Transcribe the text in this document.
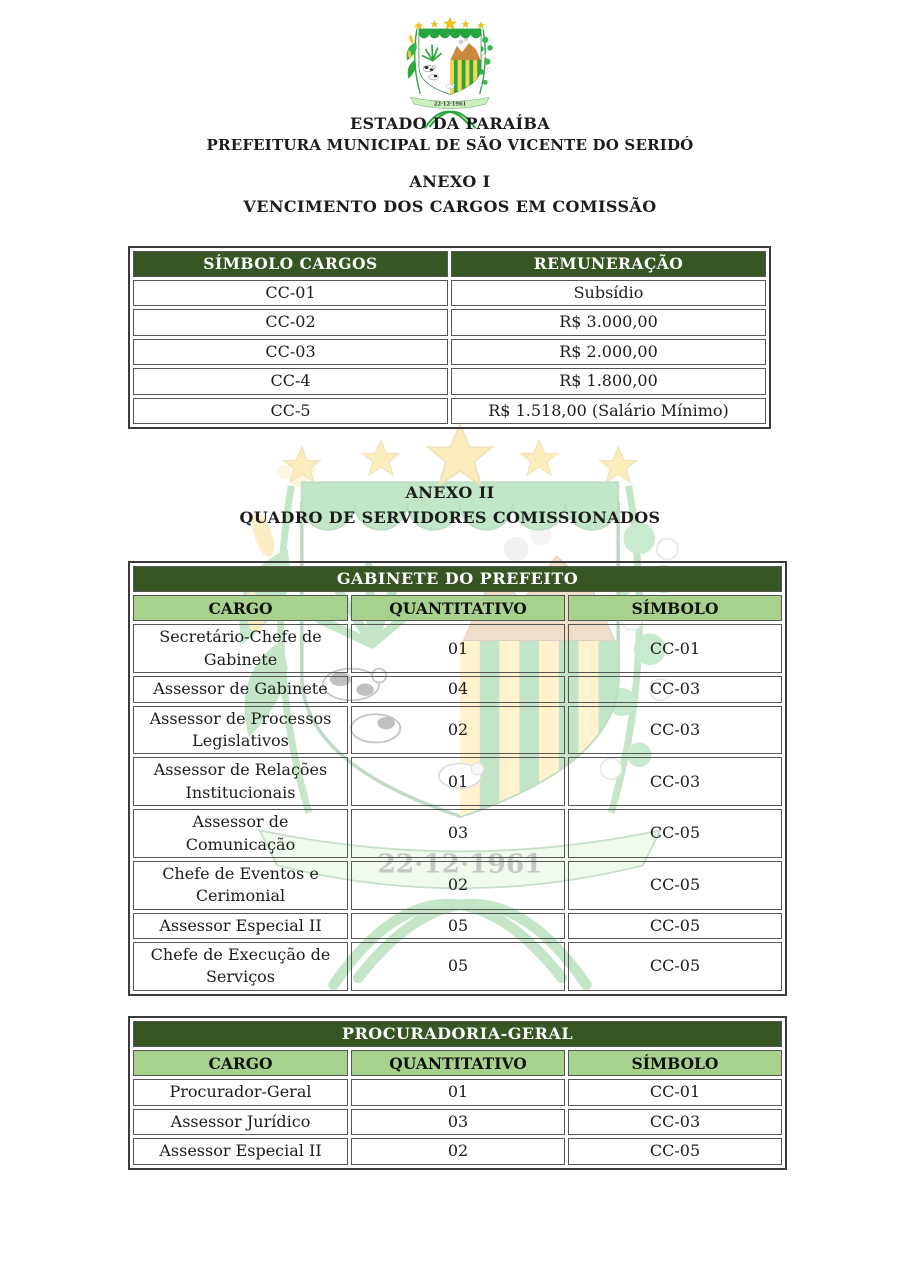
ESTADO DA PARAÍBA
PREFEITURA MUNICIPAL DE SÃO VICENTE DO SERIDÓ
ANEXO I
VENCIMENTO DOS CARGOS EM COMISSÃO
SÍMBOLO CARGOS	REMUNERAÇÃO
CC-01	Subsídio
CC-02	R$ 3.000,00
CC-03	R$ 2.000,00
CC-4	R$ 1.800,00
CC-5	R$ 1.518,00 (Salário Mínimo)
ANEXO II
QUADRO DE SERVIDORES COMISSIONADOS
GABINETE DO PREFEITO		
CARGO	QUANTITATIVO	SÍMBOLO
Secretário-Chefe de Gabinete	01	CC-01
Assessor de Gabinete	04	CC-03
Assessor de Processos Legislativos	02	CC-03
Assessor de Relações Institucionais	01	CC-03
Assessor de Comunicação	03	CC-05
Chefe de Eventos e Cerimonial	02	CC-05
Assessor Especial II	05	CC-05
Chefe de Execução de Serviços	05	CC-05
PROCURADORIA-GERAL		
CARGO	QUANTITATIVO	SÍMBOLO
Procurador-Geral	01	CC-01
Assessor Jurídico	03	CC-03
Assessor Especial II	02	CC-05
